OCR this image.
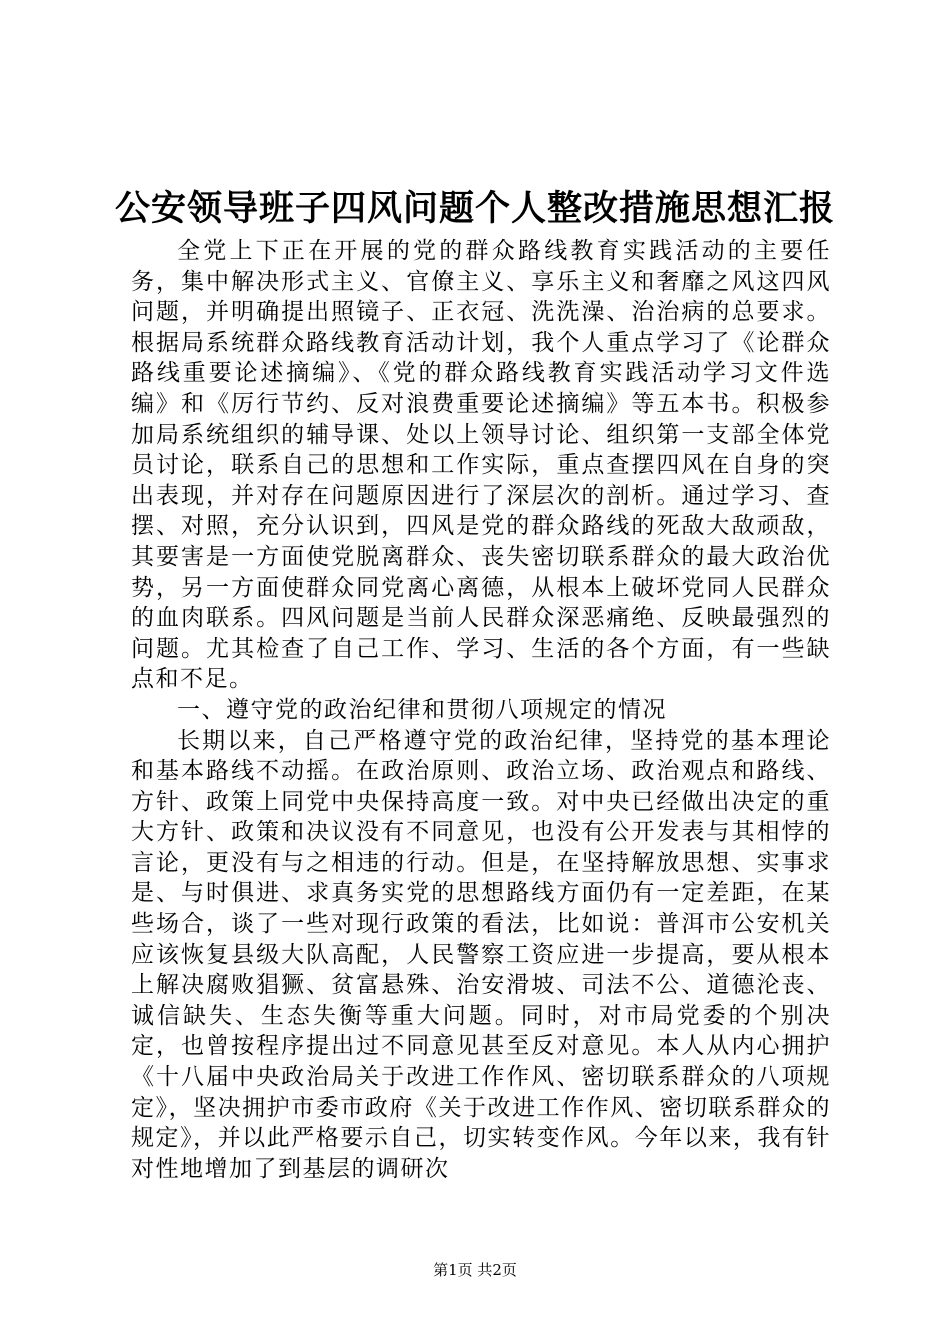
公安领导班子四风问题个人整改措施思想汇报

全党上下正在开展的党的群众路线教育实践活动的主要任务，集中解决形式主义、官僚主义、享乐主义和奢靡之风这四风问题，并明确提出照镜子、正衣冠、洗洗澡、治治病的总要求。根据局系统群众路线教育活动计划，我个人重点学习了《论群众路线重要论述摘编》、《党的群众路线教育实践活动学习文件选编》和《厉行节约、反对浪费重要论述摘编》等五本书。积极参加局系统组织的辅导课、处以上领导讨论、组织第一支部全体党员讨论，联系自己的思想和工作实际，重点查摆四风在自身的突出表现，并对存在问题原因进行了深层次的剖析。通过学习、查摆、对照，充分认识到，四风是党的群众路线的死敌大敌顽敌，其要害是一方面使党脱离群众、丧失密切联系群众的最大政治优势，另一方面使群众同党离心离德，从根本上破坏党同人民群众的血肉联系。四风问题是当前人民群众深恶痛绝、反映最强烈的问题。尤其检查了自己工作、学习、生活的各个方面，有一些缺点和不足。

一、遵守党的政治纪律和贯彻八项规定的情况

长期以来，自己严格遵守党的政治纪律，坚持党的基本理论和基本路线不动摇。在政治原则、政治立场、政治观点和路线、方针、政策上同党中央保持高度一致。对中央已经做出决定的重大方针、政策和决议没有不同意见，也没有公开发表与其相悖的言论，更没有与之相违的行动。但是，在坚持解放思想、实事求是、与时俱进、求真务实党的思想路线方面仍有一定差距，在某些场合，谈了一些对现行政策的看法，比如说：普洱市公安机关应该恢复县级大队高配，人民警察工资应进一步提高，要从根本上解决腐败猖獗、贫富悬殊、治安滑坡、司法不公、道德沦丧、诚信缺失、生态失衡等重大问题。同时，对市局党委的个别决定，也曾按程序提出过不同意见甚至反对意见。本人从内心拥护《十八届中央政治局关于改进工作作风、密切联系群众的八项规定》，坚决拥护市委市政府《关于改进工作作风、密切联系群众的规定》，并以此严格要示自己，切实转变作风。今年以来，我有针对性地增加了到基层的调研次

第1页 共2页
